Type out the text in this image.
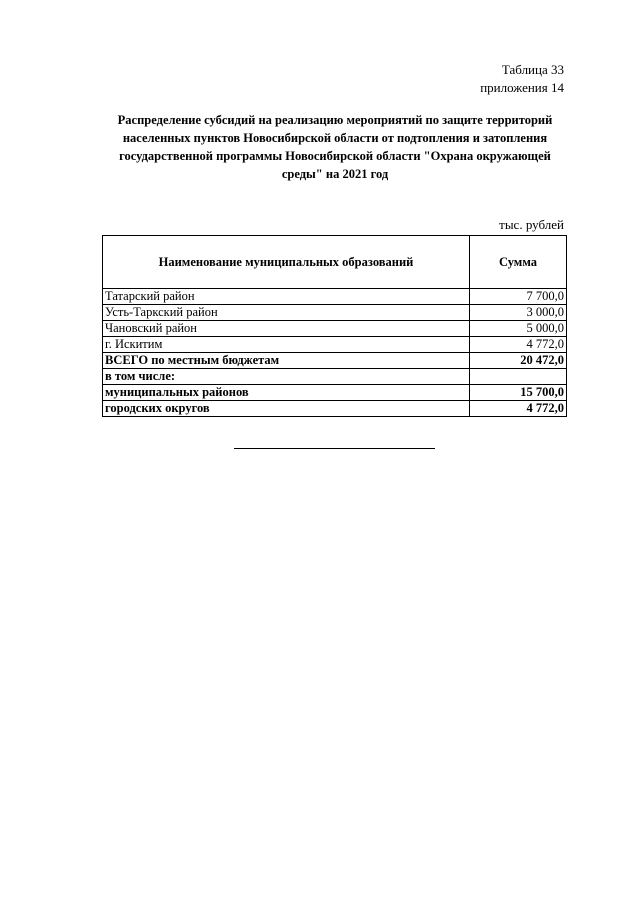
Таблица 33
приложения 14
Распределение субсидий на реализацию мероприятий по защите территорий
населенных пунктов Новосибирской области от подтопления и затопления
государственной программы Новосибирской области "Охрана окружающей
среды" на 2021 год
тыс. рублей
Наименование муниципальных образований	Сумма
Татарский район	7 700,0
Усть-Таркский район	3 000,0
Чановский район	5 000,0
г. Искитим	4 772,0
ВСЕГО по местным бюджетам	20 472,0
в том числе:	
муниципальных районов	15 700,0
городских округов	4 772,0
